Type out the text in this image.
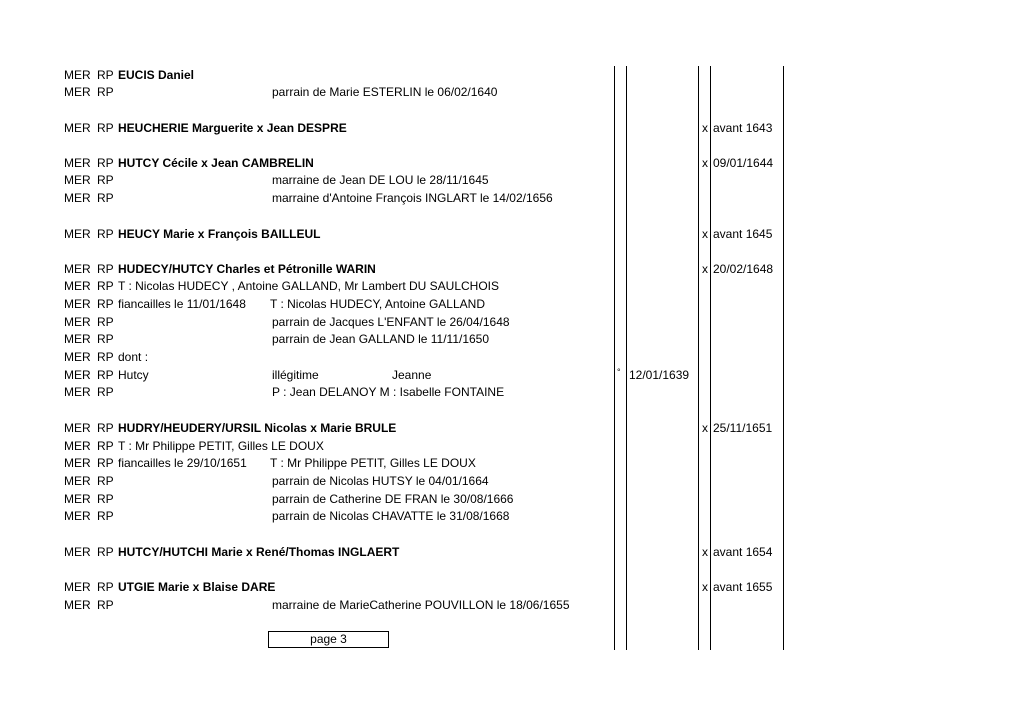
MER RP EUCIS Daniel
MER RP	parrain de Marie ESTERLIN le 06/02/1640
MER RP HEUCHERIE Marguerite x Jean DESPRE	x avant 1643
MER RP HUTCY Cécile x Jean CAMBRELIN	x 09/01/1644
MER RP	marraine de Jean DE LOU le 28/11/1645
MER RP	marraine d'Antoine François INGLART le 14/02/1656
MER RP HEUCY Marie x François BAILLEUL	x avant 1645
MER RP HUDECY/HUTCY Charles et Pétronille WARIN	x 20/02/1648
MER RP T : Nicolas HUDECY , Antoine GALLAND, Mr Lambert DU SAULCHOIS
MER RP fiancailles le 11/01/1648 T : Nicolas HUDECY, Antoine GALLAND
MER RP	parrain de Jacques L'ENFANT le 26/04/1648
MER RP	parrain de Jean GALLAND le 11/11/1650
MER RP dont :
MER RP Hutcy	illégitime	Jeanne	° 12/01/1639
MER RP	P : Jean DELANOY M : Isabelle FONTAINE
MER RP HUDRY/HEUDERY/URSIL Nicolas x Marie BRULE	x 25/11/1651
MER RP T : Mr Philippe PETIT, Gilles LE DOUX
MER RP fiancailles le 29/10/1651 T : Mr Philippe PETIT, Gilles LE DOUX
MER RP	parrain de Nicolas HUTSY le 04/01/1664
MER RP	parrain de Catherine DE FRAN le 30/08/1666
MER RP	parrain de Nicolas CHAVATTE le 31/08/1668
MER RP HUTCY/HUTCHI Marie x René/Thomas INGLAERT	x avant 1654
MER RP UTGIE Marie x Blaise DARE	x avant 1655
MER RP	marraine de MarieCatherine POUVILLON le 18/06/1655
page 3
